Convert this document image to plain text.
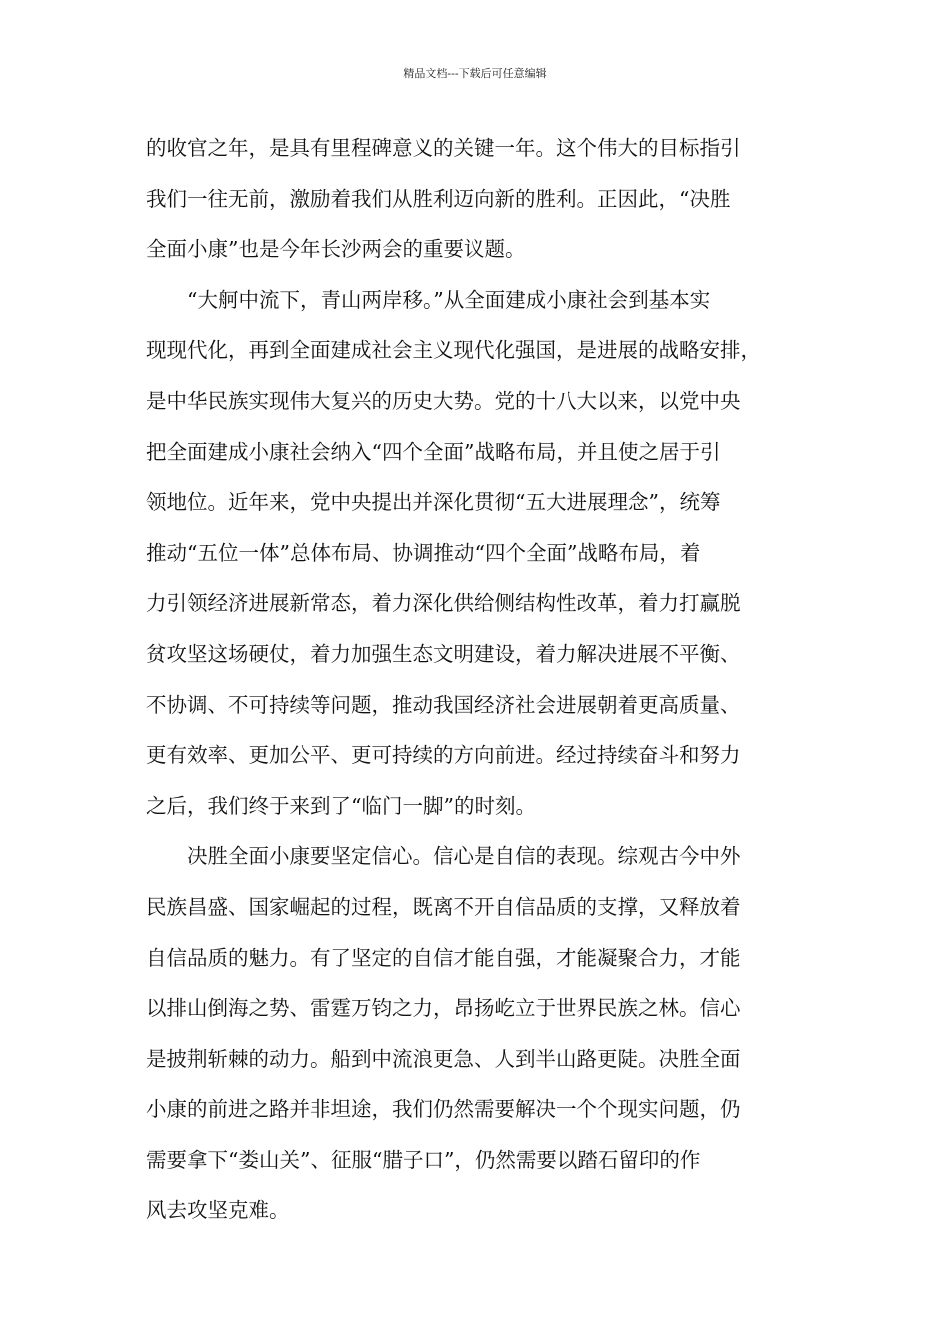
精品文档---下载后可任意编辑
的收官之年，是具有里程碑意义的关键一年。这个伟大的目标指引
我们一往无前，激励着我们从胜利迈向新的胜利。正因此，“决胜
全面小康”也是今年长沙两会的重要议题。
“大舸中流下，青山两岸移。”从全面建成小康社会到基本实
现现代化，再到全面建成社会主义现代化强国，是进展的战略安排，
是中华民族实现伟大复兴的历史大势。党的十八大以来，以党中央
把全面建成小康社会纳入“四个全面”战略布局，并且使之居于引
领地位。近年来，党中央提出并深化贯彻“五大进展理念”，统筹
推动“五位一体”总体布局、协调推动“四个全面”战略布局，着
力引领经济进展新常态，着力深化供给侧结构性改革，着力打赢脱
贫攻坚这场硬仗，着力加强生态文明建设，着力解决进展不平衡、
不协调、不可持续等问题，推动我国经济社会进展朝着更高质量、
更有效率、更加公平、更可持续的方向前进。经过持续奋斗和努力
之后，我们终于来到了“临门一脚”的时刻。
决胜全面小康要坚定信心。信心是自信的表现。综观古今中外
民族昌盛、国家崛起的过程，既离不开自信品质的支撑，又释放着
自信品质的魅力。有了坚定的自信才能自强，才能凝聚合力，才能
以排山倒海之势、雷霆万钧之力，昂扬屹立于世界民族之林。信心
是披荆斩棘的动力。船到中流浪更急、人到半山路更陡。决胜全面
小康的前进之路并非坦途，我们仍然需要解决一个个现实问题，仍
需要拿下“娄山关”、征服“腊子口”，仍然需要以踏石留印的作
风去攻坚克难。
